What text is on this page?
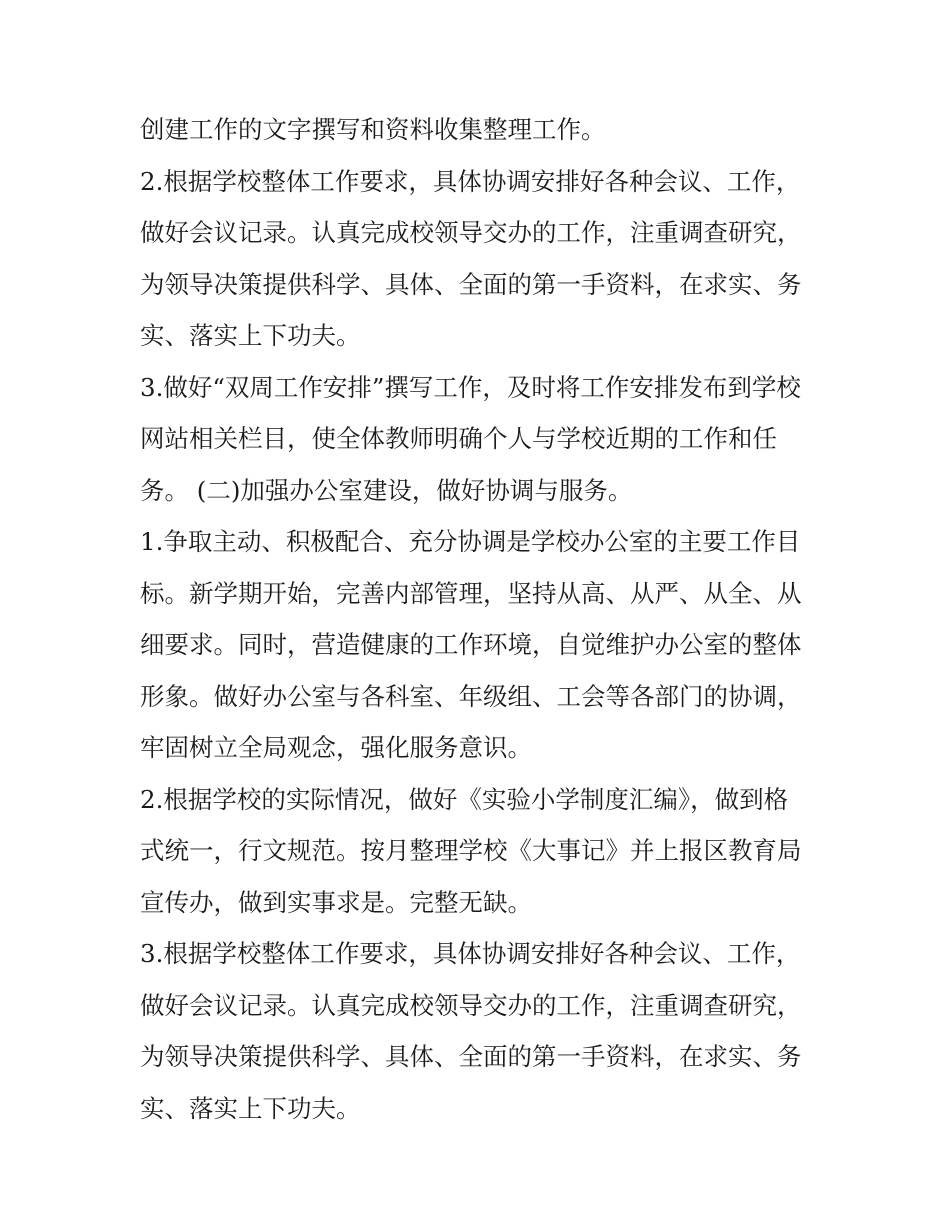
创建工作的文字撰写和资料收集整理工作。

2.根据学校整体工作要求，具体协调安排好各种会议、工作，
做好会议记录。认真完成校领导交办的工作，注重调查研究，
为领导决策提供科学、具体、全面的第一手资料，在求实、务
实、落实上下功夫。

3.做好“双周工作安排”撰写工作，及时将工作安排发布到学校
网站相关栏目，使全体教师明确个人与学校近期的工作和任
务。 (二)加强办公室建设，做好协调与服务。

1.争取主动、积极配合、充分协调是学校办公室的主要工作目
标。新学期开始，完善内部管理，坚持从高、从严、从全、从
细要求。同时，营造健康的工作环境，自觉维护办公室的整体
形象。做好办公室与各科室、年级组、工会等各部门的协调，
牢固树立全局观念，强化服务意识。

2.根据学校的实际情况，做好《实验小学制度汇编》，做到格
式统一，行文规范。按月整理学校《大事记》并上报区教育局
宣传办，做到实事求是。完整无缺。

3.根据学校整体工作要求，具体协调安排好各种会议、工作，
做好会议记录。认真完成校领导交办的工作，注重调查研究，
为领导决策提供科学、具体、全面的第一手资料，在求实、务
实、落实上下功夫。
